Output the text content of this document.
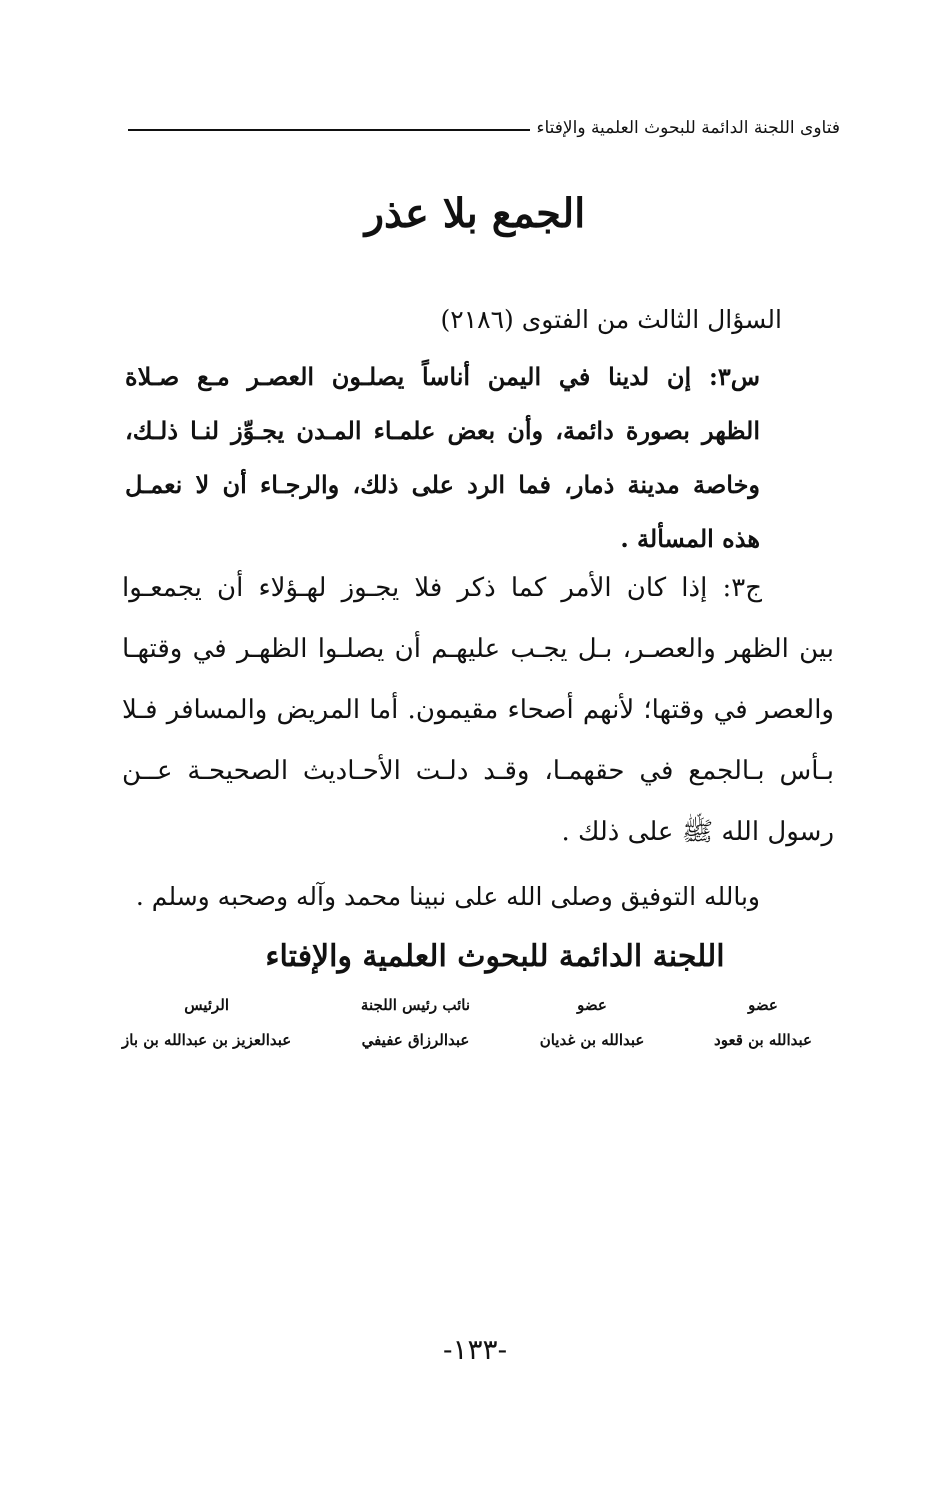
فتاوى اللجنة الدائمة للبحوث العلمية والإفتاء
الجمع بلا عذر
السؤال الثالث من الفتوى (٢١٨٦)
س٣: إن لدينا في اليمن أناساً يصلـون العصـر مـع صـلاة
الظهر بصورة دائمة، وأن بعض علمـاء المـدن يجـوِّز لنـا ذلـك،
وخاصة مدينة ذمار، فما الرد على ذلك، والرجـاء أن لا نعمـل
هذه المسألة .
ج٣: إذا كان الأمر كما ذكر فلا يجـوز لهـؤلاء أن يجمعـوا
بين الظهر والعصـر، بـل يجـب عليهـم أن يصلـوا الظهـر في وقتهـا
والعصر في وقتها؛ لأنهم أصحاء مقيمون. أما المريض والمسافر فـلا
بـأس بـالجمع في حقهمـا، وقـد دلـت الأحـاديث الصحيحـة عــن
رسول الله ﷺ على ذلك .
وبالله التوفيق وصلى الله على نبينا محمد وآله وصحبه وسلم .
اللجنة الدائمة للبحوث العلمية والإفتاء
عضو
عبدالله بن قعود
عضو
عبدالله بن غديان
نائب رئيس اللجنة
عبدالرزاق عفيفي
الرئيس
عبدالعزيز بن عبدالله بن باز
-١٣٣-
